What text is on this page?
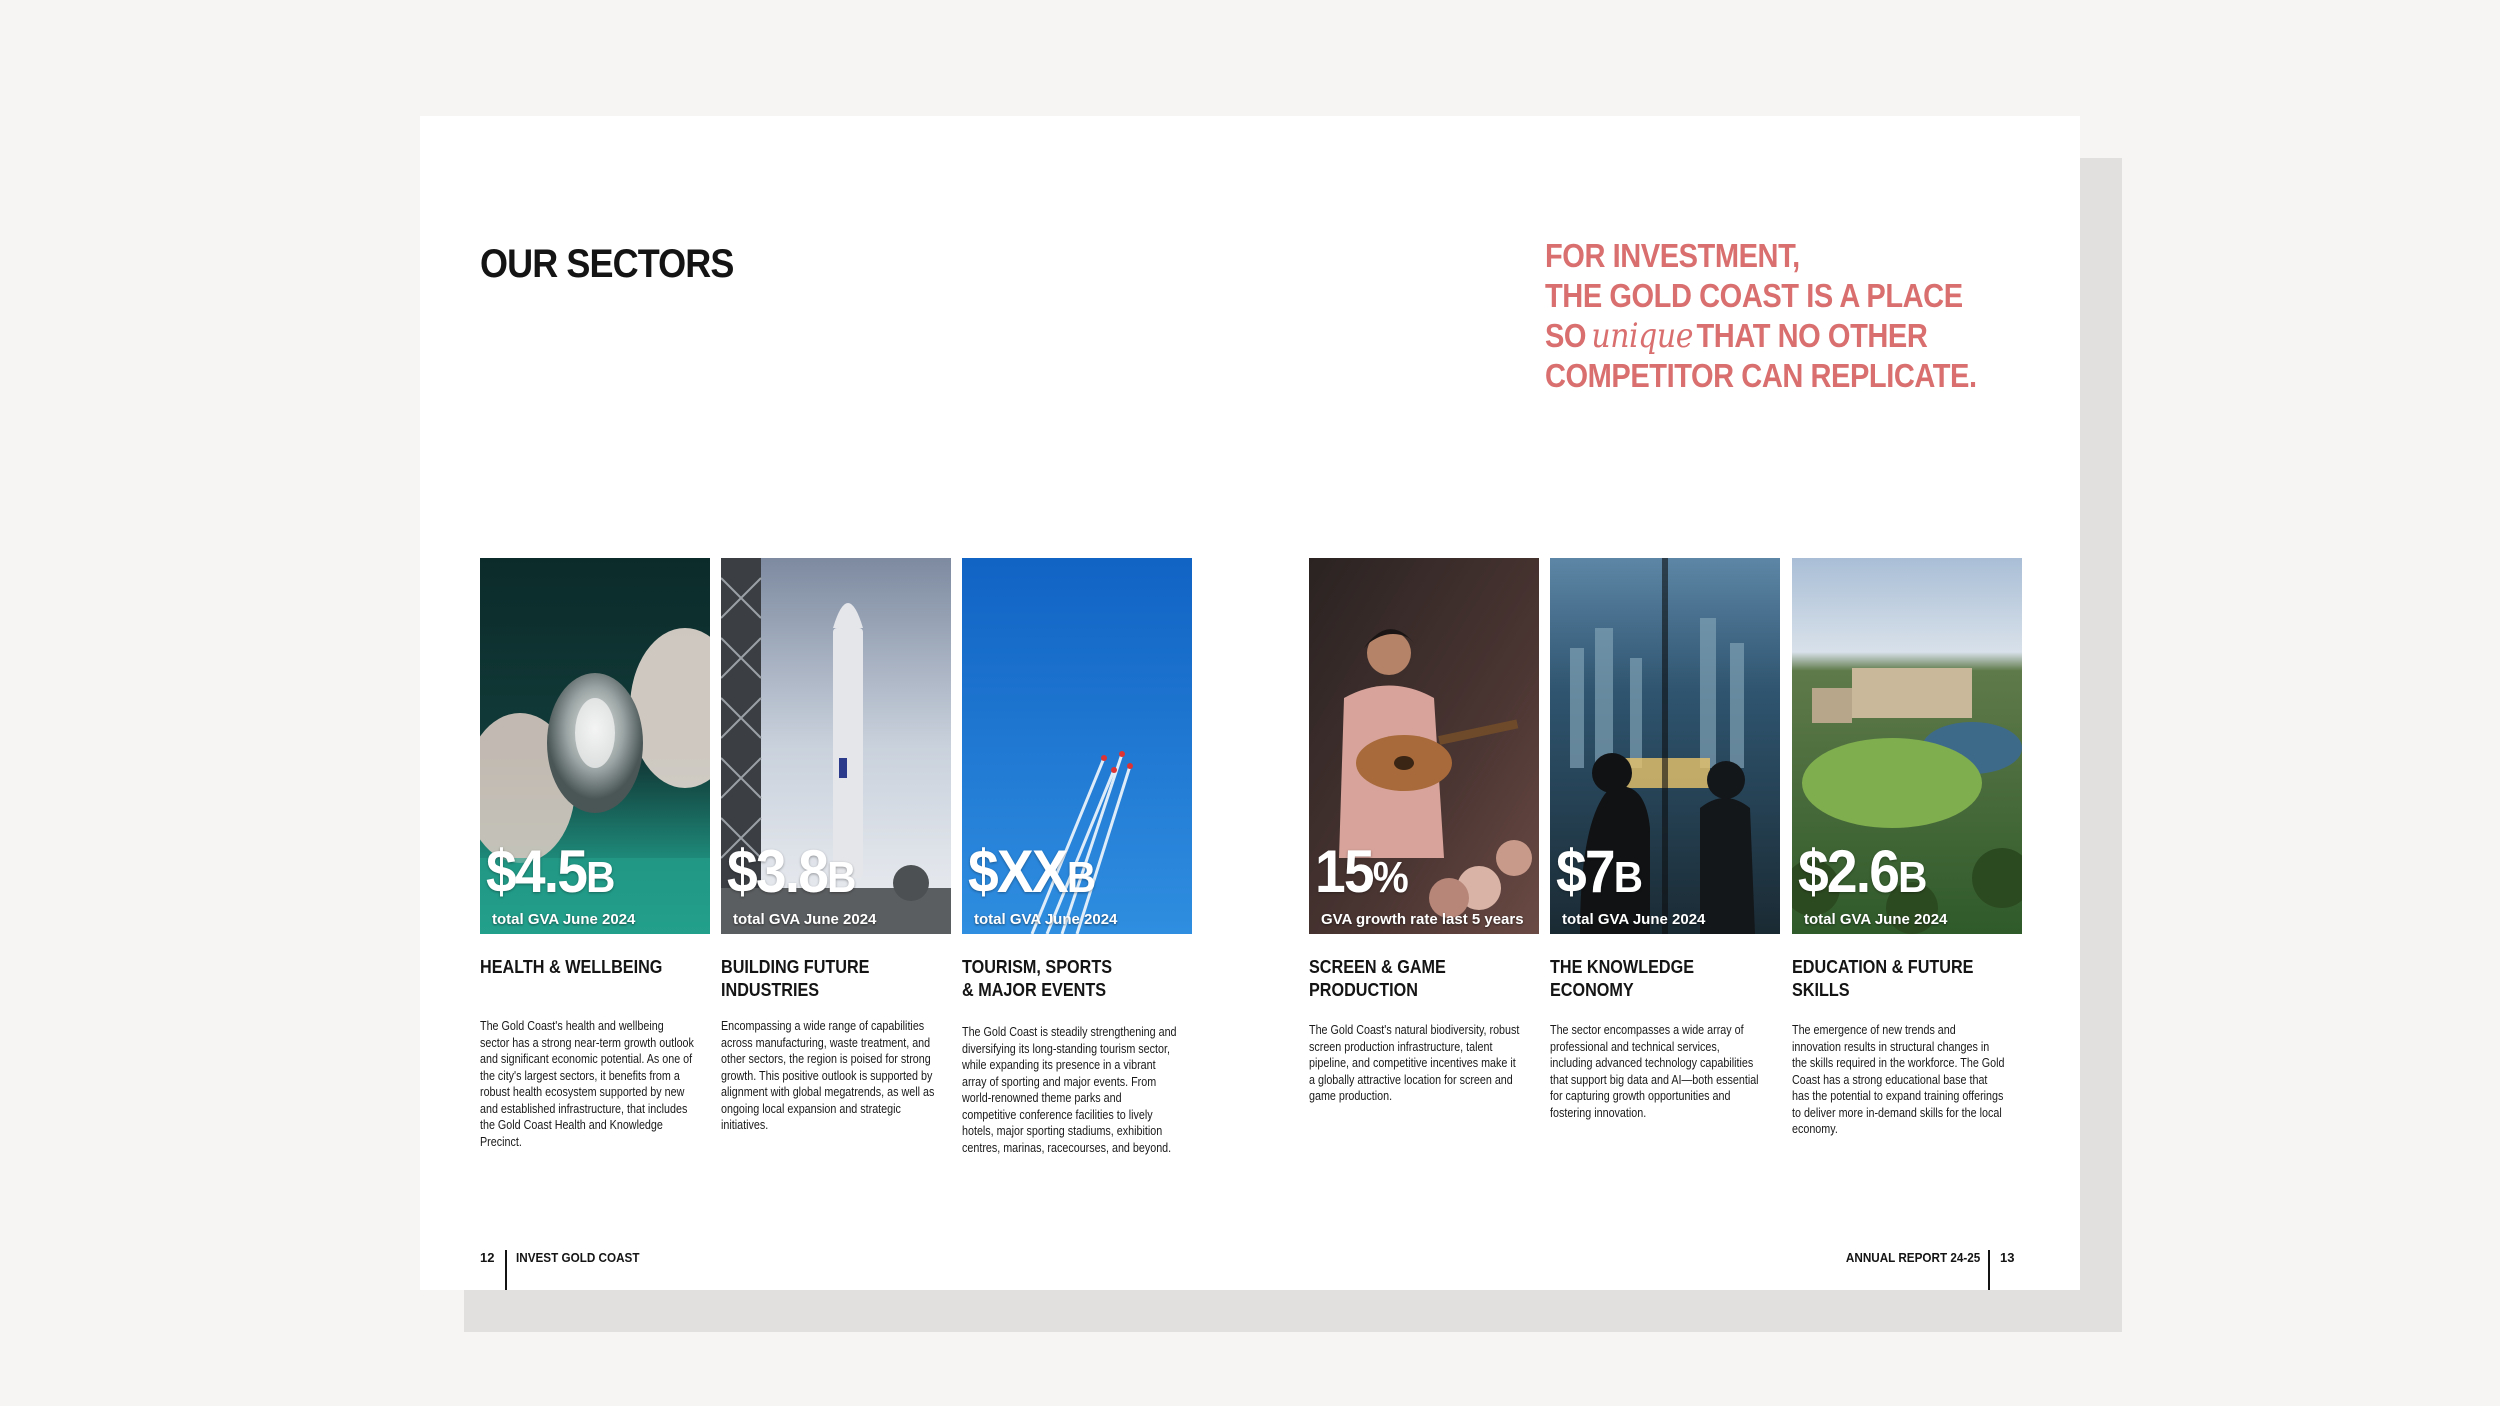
OUR SECTORS	FOR INVESTMENT,
THE GOLD COAST IS A PLACE
SO unique THAT NO OTHER
COMPETITOR CAN REPLICATE.
$4.5B
total GVA June 2024
HEALTH & WELLBEING
The Gold Coast's health and wellbeing sector has a strong near-term growth outlook and significant economic potential. As one of the city's largest sectors, it benefits from a robust health ecosystem supported by new and established infrastructure, that includes the Gold Coast Health and Knowledge Precinct.
$3.8B
total GVA June 2024
BUILDING FUTURE
INDUSTRIES
Encompassing a wide range of capabilities across manufacturing, waste treatment, and other sectors, the region is poised for strong growth. This positive outlook is supported by alignment with global megatrends, as well as ongoing local expansion and strategic initiatives.
$XXB
total GVA June 2024
TOURISM, SPORTS
& MAJOR EVENTS
The Gold Coast is steadily strengthening and diversifying its long-standing tourism sector, while expanding its presence in a vibrant array of sporting and major events. From world-renowned theme parks and competitive conference facilities to lively hotels, major sporting stadiums, exhibition centres, marinas, racecourses, and beyond.
15%
GVA growth rate last 5 years
SCREEN & GAME
PRODUCTION
The Gold Coast's natural biodiversity, robust screen production infrastructure, talent pipeline, and competitive incentives make it a globally attractive location for screen and game production.
$7B
total GVA June 2024
THE KNOWLEDGE ECONOMY
The sector encompasses a wide array of professional and technical services, including advanced technology capabilities that support big data and AI—both essential for capturing growth opportunities and fostering innovation.
$2.6B
total GVA June 2024
EDUCATION & FUTURE SKILLS
The emergence of new trends and innovation results in structural changes in the skills required in the workforce. The Gold Coast has a strong educational base that has the potential to expand training offerings to deliver more in-demand skills for the local economy.
12 INVEST GOLD COAST	ANNUAL REPORT 24-25 13
